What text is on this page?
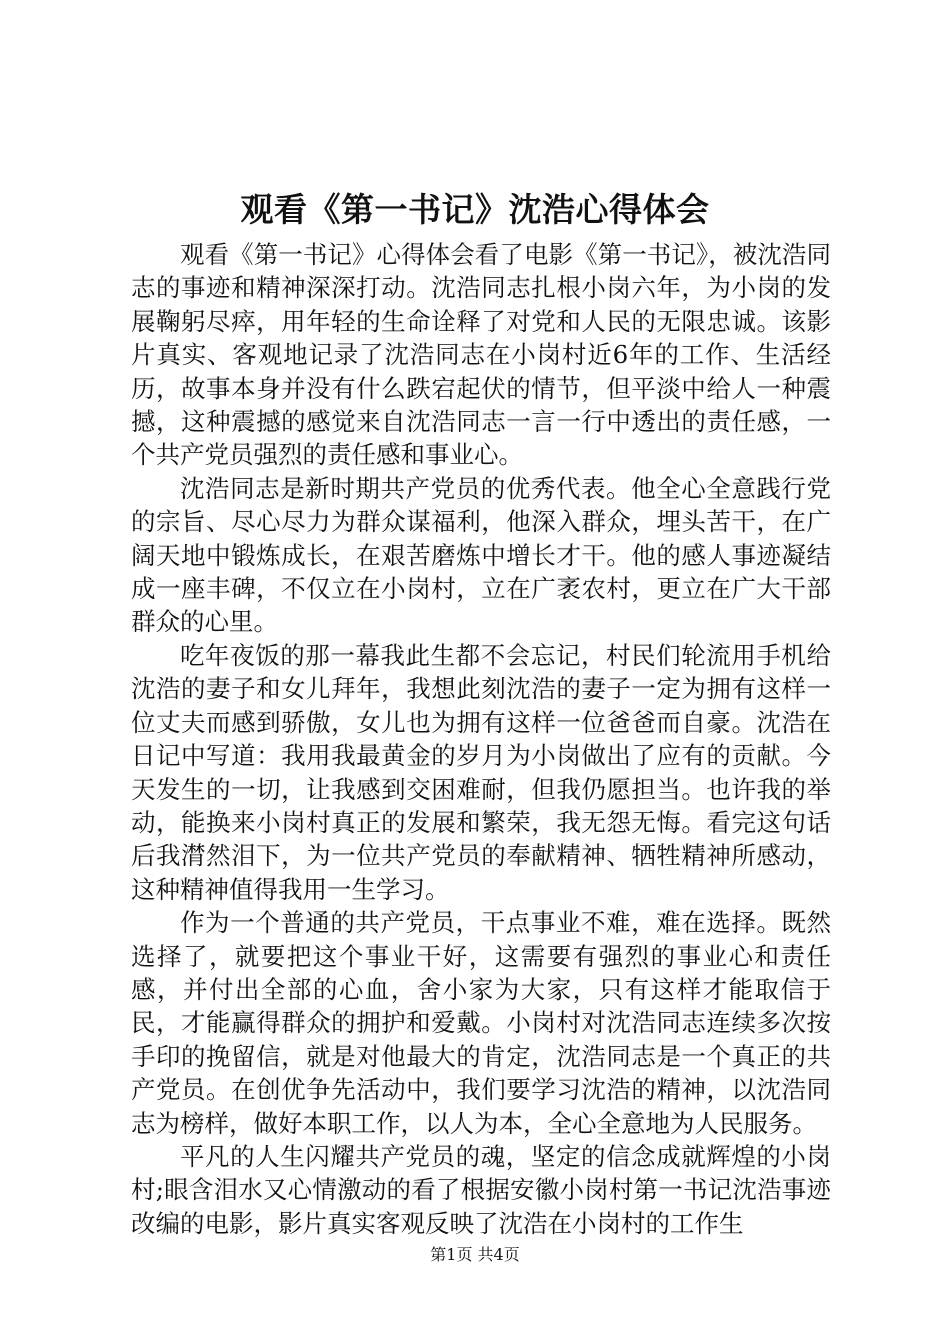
观看《第一书记》沈浩心得体会

观看《第一书记》心得体会看了电影《第一书记》，被沈浩同志的事迹和精神深深打动。沈浩同志扎根小岗六年，为小岗的发展鞠躬尽瘁，用年轻的生命诠释了对党和人民的无限忠诚。该影片真实、客观地记录了沈浩同志在小岗村近6年的工作、生活经历，故事本身并没有什么跌宕起伏的情节，但平淡中给人一种震撼，这种震撼的感觉来自沈浩同志一言一行中透出的责任感，一个共产党员强烈的责任感和事业心。

沈浩同志是新时期共产党员的优秀代表。他全心全意践行党的宗旨、尽心尽力为群众谋福利，他深入群众，埋头苦干，在广阔天地中锻炼成长，在艰苦磨炼中增长才干。他的感人事迹凝结成一座丰碑，不仅立在小岗村，立在广袤农村，更立在广大干部群众的心里。

吃年夜饭的那一幕我此生都不会忘记，村民们轮流用手机给沈浩的妻子和女儿拜年，我想此刻沈浩的妻子一定为拥有这样一位丈夫而感到骄傲，女儿也为拥有这样一位爸爸而自豪。沈浩在日记中写道：我用我最黄金的岁月为小岗做出了应有的贡献。今天发生的一切，让我感到交困难耐，但我仍愿担当。也许我的举动，能换来小岗村真正的发展和繁荣，我无怨无悔。看完这句话后我潸然泪下，为一位共产党员的奉献精神、牺牲精神所感动，这种精神值得我用一生学习。

作为一个普通的共产党员，干点事业不难，难在选择。既然选择了，就要把这个事业干好，这需要有强烈的事业心和责任感，并付出全部的心血，舍小家为大家，只有这样才能取信于民，才能赢得群众的拥护和爱戴。小岗村对沈浩同志连续多次按手印的挽留信，就是对他最大的肯定，沈浩同志是一个真正的共产党员。在创优争先活动中，我们要学习沈浩的精神，以沈浩同志为榜样，做好本职工作，以人为本，全心全意地为人民服务。

平凡的人生闪耀共产党员的魂，坚定的信念成就辉煌的小岗村;眼含泪水又心情激动的看了根据安徽小岗村第一书记沈浩事迹改编的电影，影片真实客观反映了沈浩在小岗村的工作生

第1页 共4页
